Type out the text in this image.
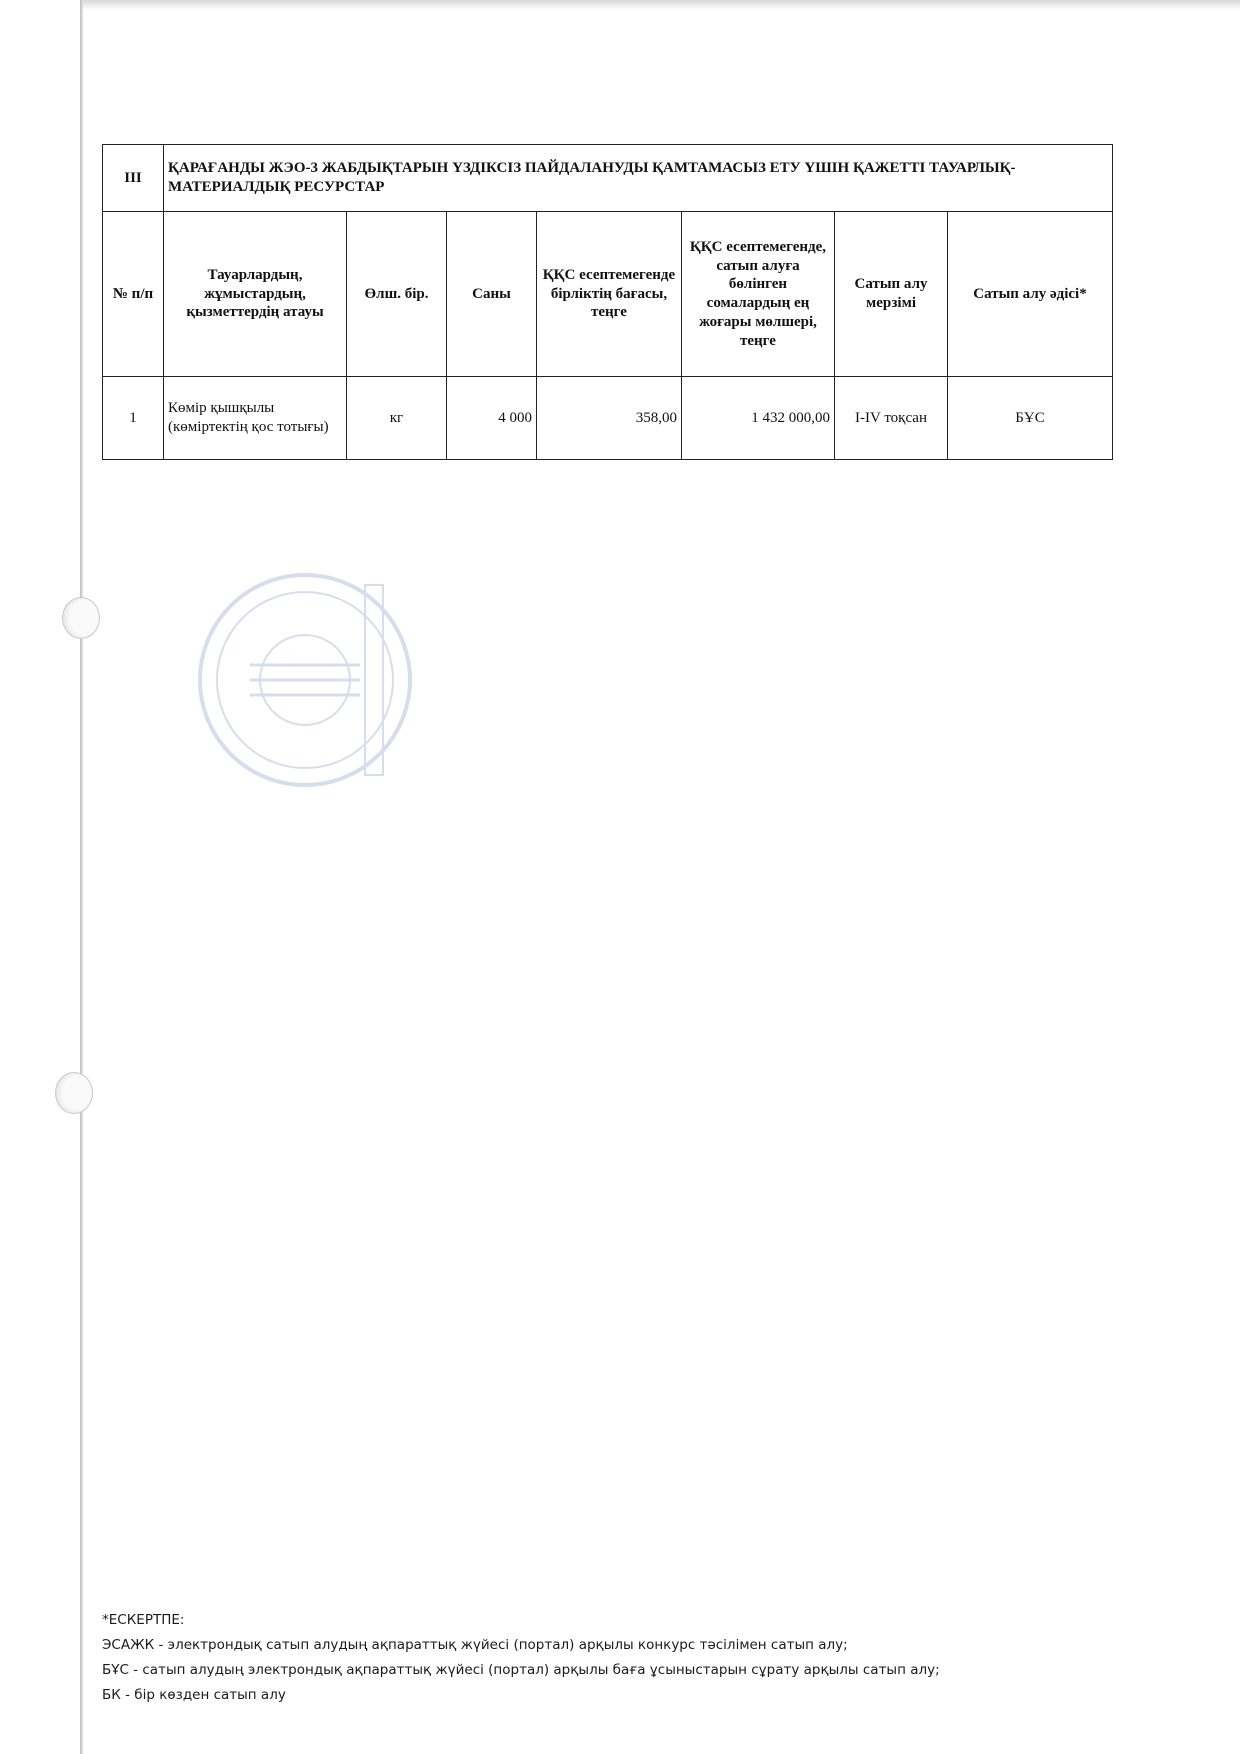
III	ҚАРАҒАНДЫ ЖЭО-3 ЖАБДЫҚТАРЫН ҮЗДІКСІЗ ПАЙДАЛАНУДЫ ҚАМТАМАСЫЗ ЕТУ ҮШІН ҚАЖЕТТІ ТАУАРЛЫҚ-МАТЕРИАЛДЫҚ РЕСУРСТАР						
№ п/п	Тауарлардың, жұмыстардың, қызметтердің атауы	Өлш. бір.	Саны	ҚҚС есептемегенде бірліктің бағасы, теңге	ҚҚС есептемегенде, сатып алуға бөлінген сомалардың ең жоғары мөлшері, теңге	Сатып алу мерзімі	Сатып алу әдісі*
1	Көмір қышқылы (көміртектің қос тотығы)	кг	4 000	358,00	1 432 000,00	I-IV тоқсан	БҰС
*ЕСКЕРТПЕ:
ЭСАЖК - электрондық сатып алудың ақпараттық жүйесі (портал) арқылы конкурс тәсілімен сатып алу;
БҰС - сатып алудың электрондық ақпараттық жүйесі (портал) арқылы баға ұсыныстарын сұрату арқылы сатып алу;
БК - бір көзден сатып алу
